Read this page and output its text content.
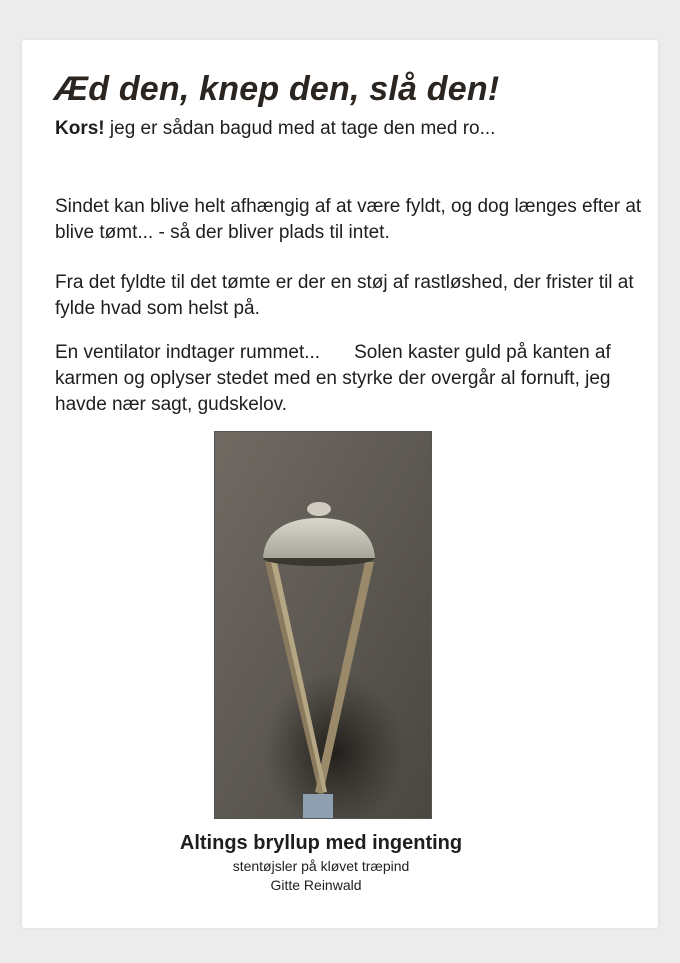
Æd den, knep den, slå den!
Kors! jeg er sådan bagud med at tage den med ro...
Sindet kan blive helt afhængig af at være fyldt, og dog længes efter at blive tømt... - så der bliver plads til intet.
Fra det fyldte til det tømte er der en støj af rastløshed, der frister til at fylde hvad som helst på.
En ventilator indtager rummet... Solen kaster guld på kanten af karmen og oplyser stedet med en styrke der overgår al fornuft, jeg havde nær sagt, gudskelov.
Altings bryllup med ingenting
stentøjsler på kløvet træpind
Gitte Reinwald
